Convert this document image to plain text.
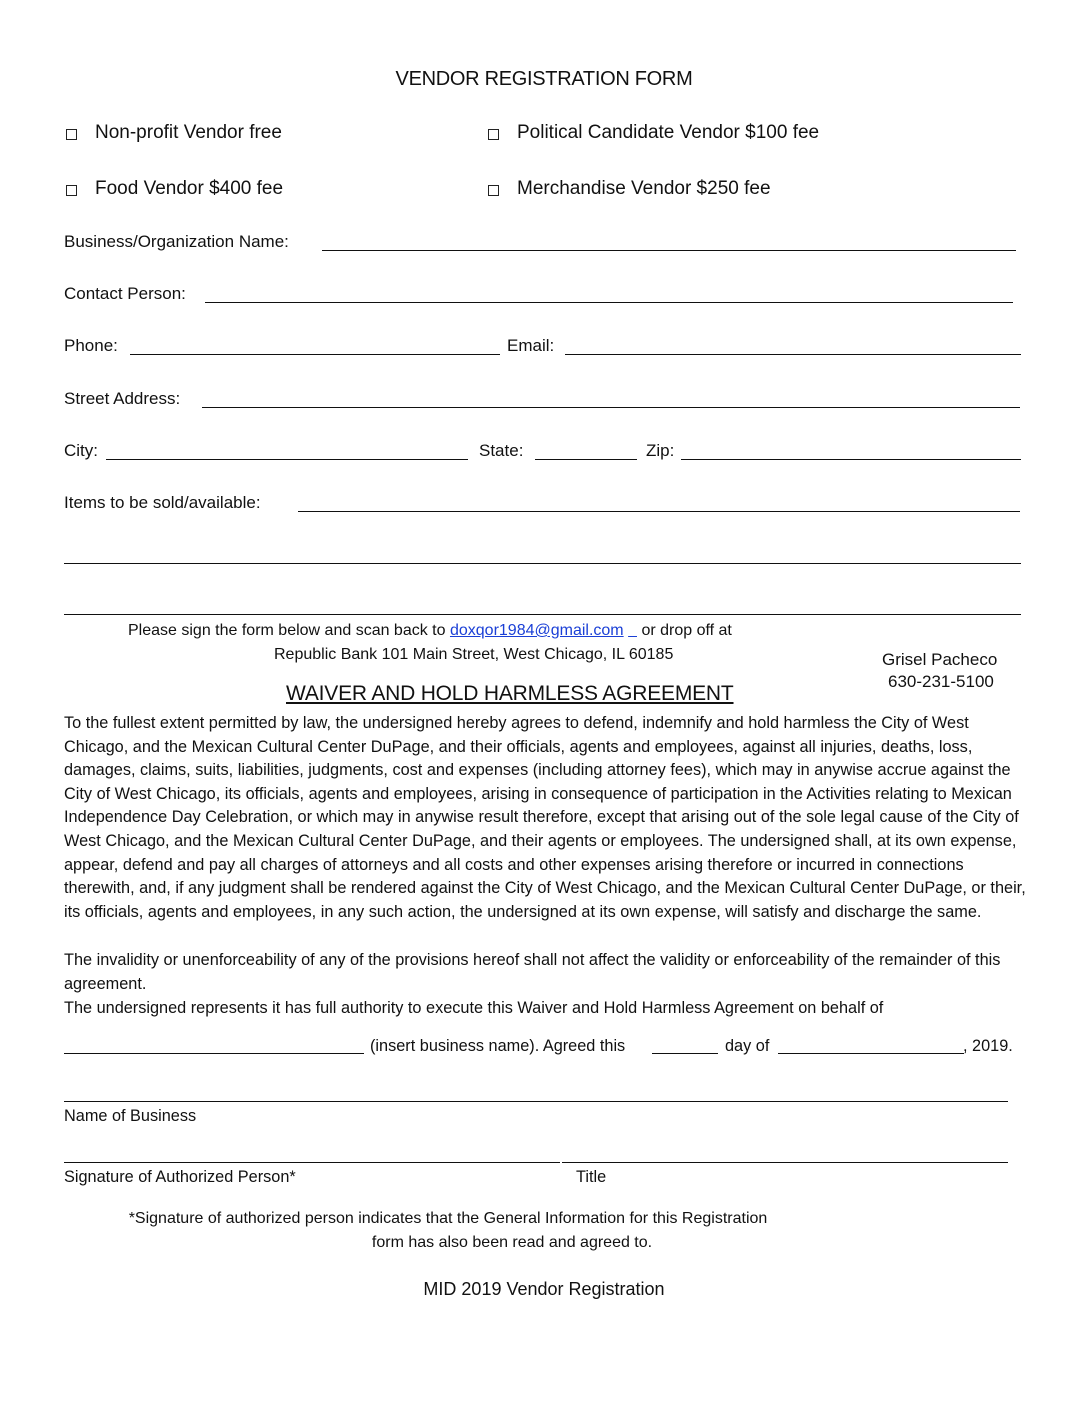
VENDOR REGISTRATION FORM
Non-profit Vendor free	Political Candidate Vendor $100 fee
Food Vendor $400 fee	Merchandise Vendor $250 fee
Business/Organization Name:
Contact Person:
Phone:	Email:
Street Address:
City:	State:	Zip:
Items to be sold/available:
Please sign the form below and scan back to doxqor1984@gmail.com or drop off at
Republic Bank 101 Main Street, West Chicago, IL 60185	Grisel Pacheco
630-231-5100
WAIVER AND HOLD HARMLESS AGREEMENT
To the fullest extent permitted by law, the undersigned hereby agrees to defend, indemnify and hold harmless the City of West Chicago, and the Mexican Cultural Center DuPage, and their officials, agents and employees, against all injuries, deaths, loss, damages, claims, suits, liabilities, judgments, cost and expenses (including attorney fees), which may in anywise accrue against the City of West Chicago, its officials, agents and employees, arising in consequence of participation in the Activities relating to Mexican Independence Day Celebration, or which may in anywise result therefore, except that arising out of the sole legal cause of the City of West Chicago, and the Mexican Cultural Center DuPage, and their agents or employees. The undersigned shall, at its own expense, appear, defend and pay all charges of attorneys and all costs and other expenses arising therefore or incurred in connections therewith, and, if any judgment shall be rendered against the City of West Chicago, and the Mexican Cultural Center DuPage, or their, its officials, agents and employees, in any such action, the undersigned at its own expense, will satisfy and discharge the same.
The invalidity or unenforceability of any of the provisions hereof shall not affect the validity or enforceability of the remainder of this agreement.
The undersigned represents it has full authority to execute this Waiver and Hold Harmless Agreement on behalf of
(insert business name). Agreed this	day of	, 2019.
Name of Business
Signature of Authorized Person*	Title
*Signature of authorized person indicates that the General Information for this Registration
form has also been read and agreed to.
MID 2019 Vendor Registration
